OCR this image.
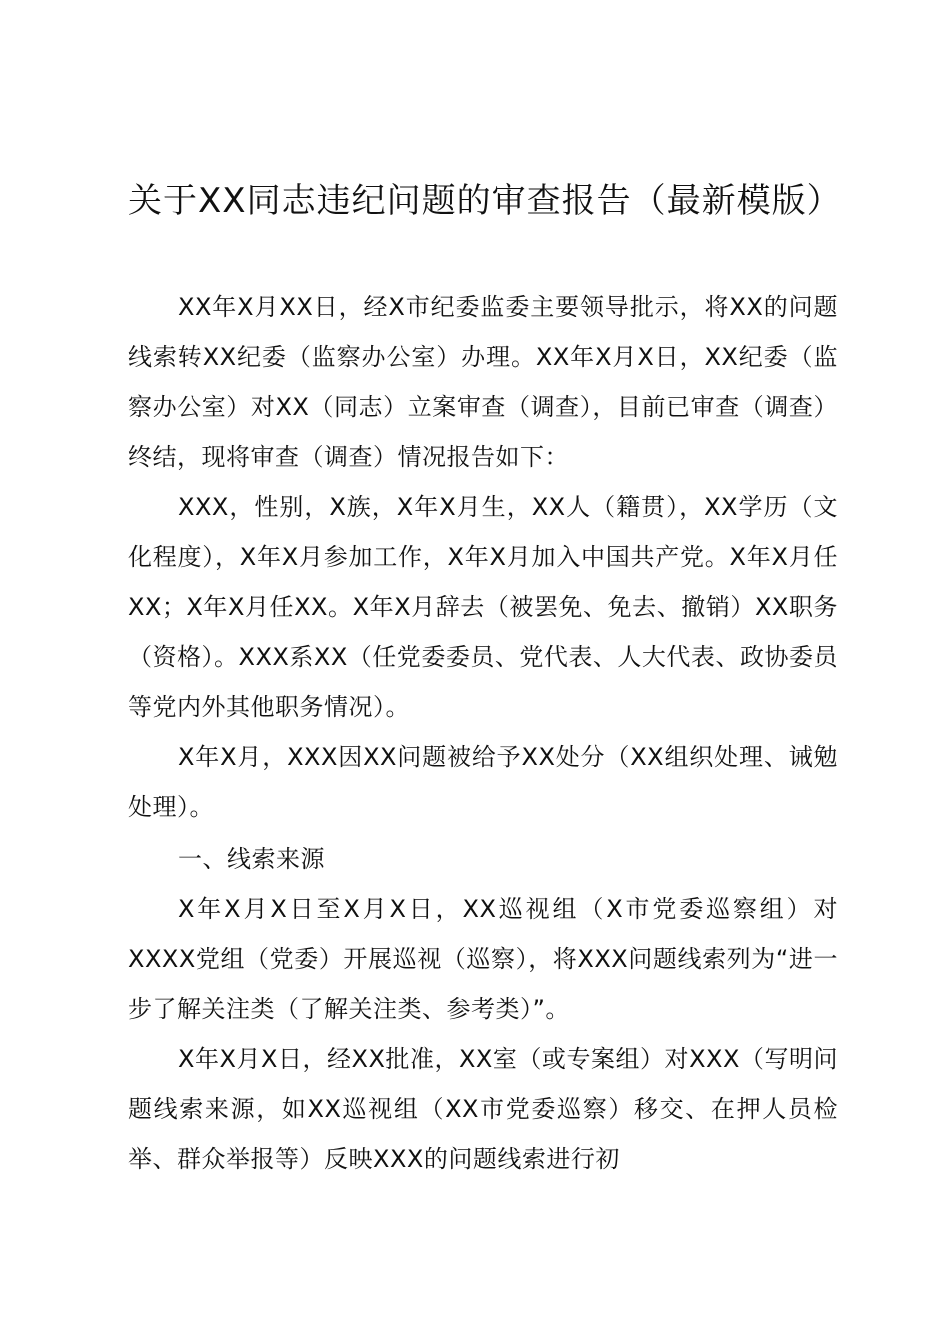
关于XX同志违纪问题的审查报告（最新模版）

XX年X月XX日，经X市纪委监委主要领导批示，将XX的问题线索转XX纪委（监察办公室）办理。XX年X月X日，XX纪委（监察办公室）对XX（同志）立案审查（调查），目前已审查（调查）终结，现将审查（调查）情况报告如下：

XXX，性别，X族，X年X月生，XX人（籍贯），XX学历（文化程度），X年X月参加工作，X年X月加入中国共产党。X年X月任XX；X年X月任XX。X年X月辞去（被罢免、免去、撤销）XX职务（资格）。XXX系XX（任党委委员、党代表、人大代表、政协委员等党内外其他职务情况）。

X年X月，XXX因XX问题被给予XX处分（XX组织处理、诫勉处理）。

一、线索来源

X年X月X日至X月X日，XX巡视组（X市党委巡察组）对XXXX党组（党委）开展巡视（巡察），将XXX问题线索列为“进一步了解关注类（了解关注类、参考类）”。

X年X月X日，经XX批准，XX室（或专案组）对XXX（写明问题线索来源，如XX巡视组（XX市党委巡察）移交、在押人员检举、群众举报等）反映XXX的问题线索进行初
